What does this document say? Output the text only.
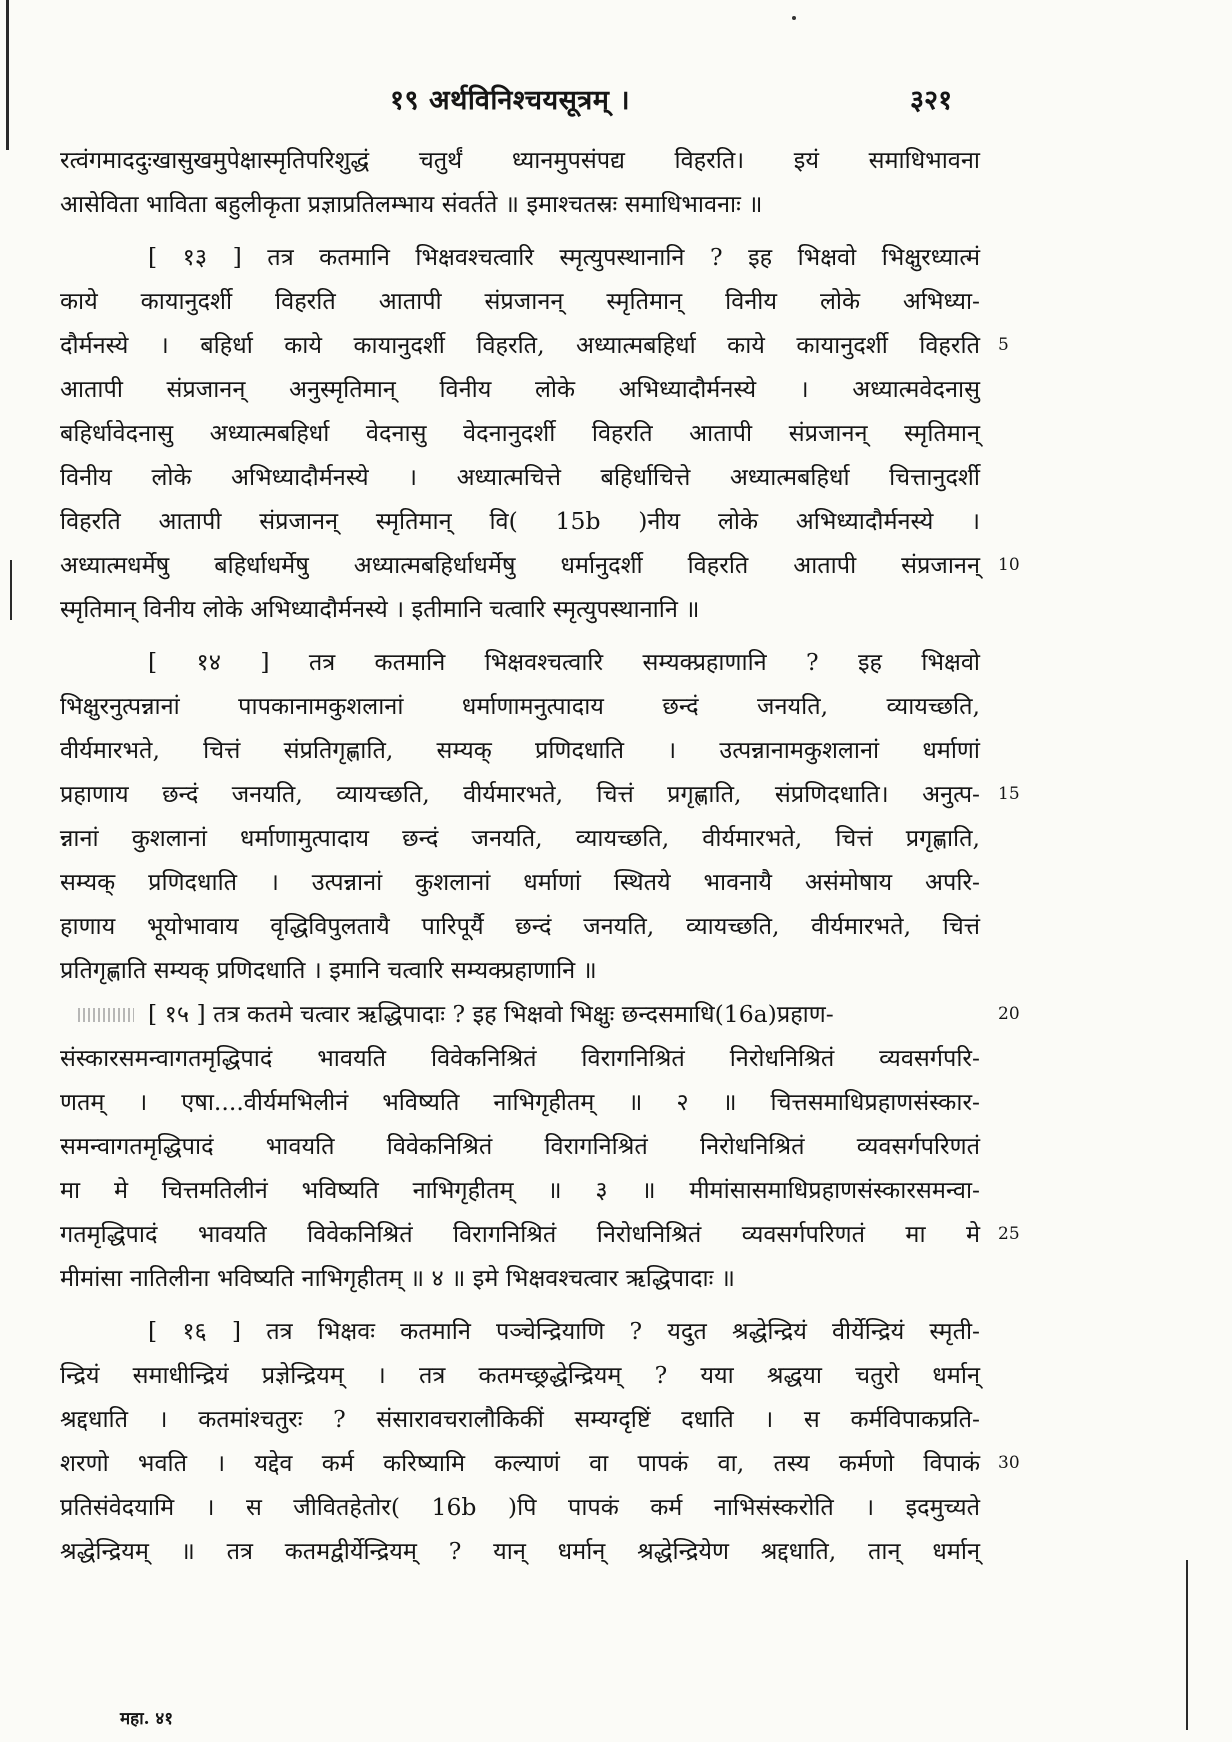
१९ अर्थविनिश्चयसूत्रम् ।	३२१
रत्वंगमाददुःखासुखमुपेक्षास्मृतिपरिशुद्धं चतुर्थं ध्यानमुपसंपद्य विहरति। इयं समाधिभावना
आसेविता भाविता बहुलीकृता प्रज्ञाप्रतिलम्भाय संवर्तते ॥ इमाश्चतस्रः समाधिभावनाः ॥
[ १३ ] तत्र कतमानि भिक्षवश्चत्वारि स्मृत्युपस्थानानि ? इह भिक्षवो भिक्षुरध्यात्मं
काये कायानुदर्शी विहरति आतापी संप्रजानन् स्मृतिमान् विनीय लोके अभिध्या-
दौर्मनस्ये । बहिर्धा काये कायानुदर्शी विहरति, अध्यात्मबहिर्धा काये कायानुदर्शी विहरति 5
आतापी संप्रजानन् अनुस्मृतिमान् विनीय लोके अभिध्यादौर्मनस्ये । अध्यात्मवेदनासु
बहिर्धावेदनासु अध्यात्मबहिर्धा वेदनासु वेदनानुदर्शी विहरति आतापी संप्रजानन् स्मृतिमान्
विनीय लोके अभिध्यादौर्मनस्ये । अध्यात्मचित्ते बहिर्धाचित्ते अध्यात्मबहिर्धा चित्तानुदर्शी
विहरति आतापी संप्रजानन् स्मृतिमान् वि( 15b )नीय लोके अभिध्यादौर्मनस्ये ।
अध्यात्मधर्मेषु बहिर्धाधर्मेषु अध्यात्मबहिर्धाधर्मेषु धर्मानुदर्शी विहरति आतापी संप्रजानन् 10
स्मृतिमान् विनीय लोके अभिध्यादौर्मनस्ये । इतीमानि चत्वारि स्मृत्युपस्थानानि ॥
[ १४ ] तत्र कतमानि भिक्षवश्चत्वारि सम्यक्प्रहाणानि ? इह भिक्षवो
भिक्षुरनुत्पन्नानां पापकानामकुशलानां धर्माणामनुत्पादाय छन्दं जनयति, व्यायच्छति,
वीर्यमारभते, चित्तं संप्रतिगृह्णाति, सम्यक् प्रणिदधाति । उत्पन्नानामकुशलानां धर्माणां
प्रहाणाय छन्दं जनयति, व्यायच्छति, वीर्यमारभते, चित्तं प्रगृह्णाति, संप्रणिदधाति। अनुत्प- 15
न्नानां कुशलानां धर्माणामुत्पादाय छन्दं जनयति, व्यायच्छति, वीर्यमारभते, चित्तं प्रगृह्णाति,
सम्यक् प्रणिदधाति । उत्पन्नानां कुशलानां धर्माणां स्थितये भावनायै असंमोषाय अपरि-
हाणाय भूयोभावाय वृद्धिविपुलतायै पारिपूर्यै छन्दं जनयति, व्यायच्छति, वीर्यमारभते, चित्तं
प्रतिगृह्णाति सम्यक् प्रणिदधाति । इमानि चत्वारि सम्यक्प्रहाणानि ॥
[ १५ ] तत्र कतमे चत्वार ऋद्धिपादाः ? इह भिक्षवो भिक्षुः छन्दसमाधि(16a)प्रहाण-	20
संस्कारसमन्वागतमृद्धिपादं भावयति विवेकनिश्रितं विरागनिश्रितं निरोधनिश्रितं व्यवसर्गपरि-
णतम् । एषा....वीर्यमभिलीनं भविष्यति नाभिगृहीतम् ॥ २ ॥ चित्तसमाधिप्रहाणसंस्कार-
समन्वागतमृद्धिपादं भावयति विवेकनिश्रितं विरागनिश्रितं निरोधनिश्रितं व्यवसर्गपरिणतं
मा मे चित्तमतिलीनं भविष्यति नाभिगृहीतम् ॥ ३ ॥ मीमांसासमाधिप्रहाणसंस्कारसमन्वा-
गतमृद्धिपादं भावयति विवेकनिश्रितं विरागनिश्रितं निरोधनिश्रितं व्यवसर्गपरिणतं मा मे 25
मीमांसा नातिलीना भविष्यति नाभिगृहीतम् ॥ ४ ॥ इमे भिक्षवश्चत्वार ऋद्धिपादाः ॥
[ १६ ] तत्र भिक्षवः कतमानि पञ्चेन्द्रियाणि ? यदुत श्रद्धेन्द्रियं वीर्येन्द्रियं स्मृती-
न्द्रियं समाधीन्द्रियं प्रज्ञेन्द्रियम् । तत्र कतमच्छ्रद्धेन्द्रियम् ? यया श्रद्धया चतुरो धर्मान्
श्रद्दधाति । कतमांश्चतुरः ? संसारावचरालौकिकीं सम्यग्दृष्टिं दधाति । स कर्मविपाकप्रति-
शरणो भवति । यद्देव कर्म करिष्यामि कल्याणं वा पापकं वा, तस्य कर्मणो विपाकं 30
प्रतिसंवेदयामि । स जीवितहेतोर( 16b )पि पापकं कर्म नाभिसंस्करोति । इदमुच्यते
श्रद्धेन्द्रियम् ॥ तत्र कतमद्वीर्येन्द्रियम् ? यान् धर्मान् श्रद्धेन्द्रियेण श्रद्दधाति, तान् धर्मान्
महा. ४१
